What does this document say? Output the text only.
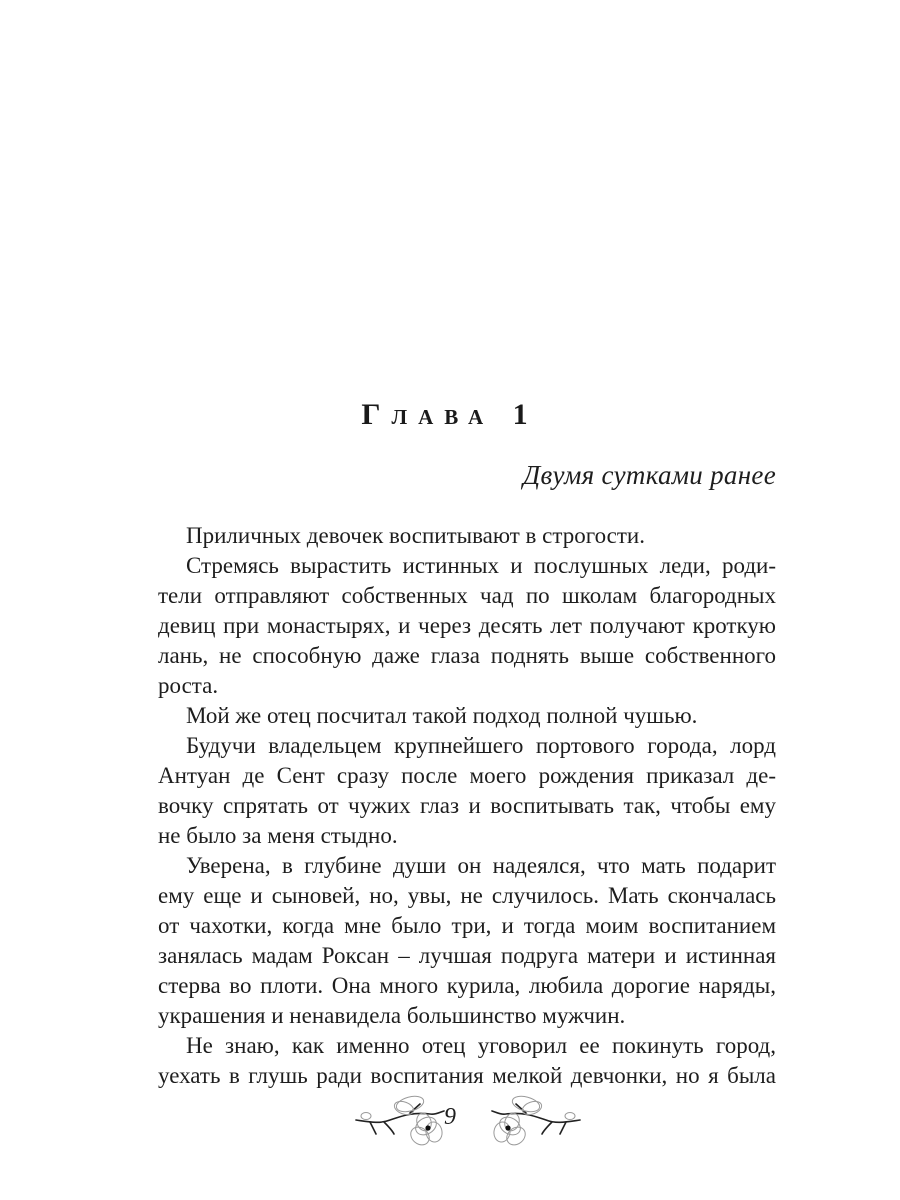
Глава 1
Двумя сутками ранее
Приличных девочек воспитывают в строгости.
Стремясь вырастить истинных и послушных леди, роди-
тели отправляют собственных чад по школам благородных
девиц при монастырях, и через десять лет получают кроткую
лань, не способную даже глаза поднять выше собственного
роста.
Мой же отец посчитал такой подход полной чушью.
Будучи владельцем крупнейшего портового города, лорд
Антуан де Сент сразу после моего рождения приказал де-
вочку спрятать от чужих глаз и воспитывать так, чтобы ему
не было за меня стыдно.
Уверена, в глубине души он надеялся, что мать подарит
ему еще и сыновей, но, увы, не случилось. Мать скончалась
от чахотки, когда мне было три, и тогда моим воспитанием
занялась мадам Роксан – лучшая подруга матери и истинная
стерва во плоти. Она много курила, любила дорогие наряды,
украшения и ненавидела большинство мужчин.
Не знаю, как именно отец уговорил ее покинуть город,
уехать в глушь ради воспитания мелкой девчонки, но я была
9
